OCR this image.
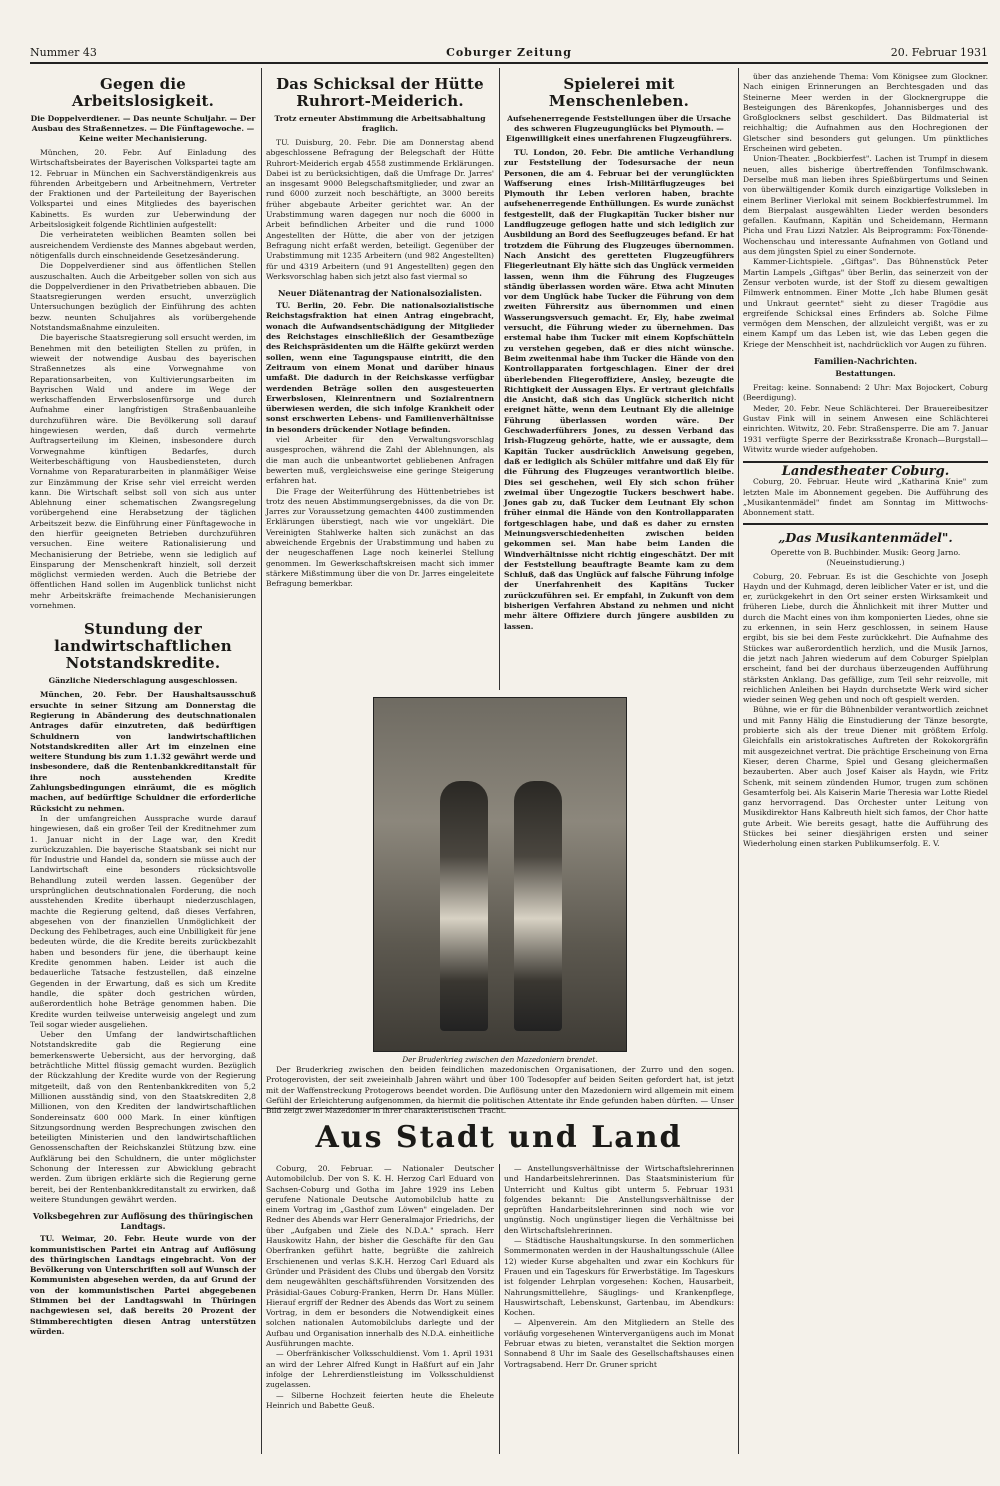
Nummer 43	Coburger Zeitung	20. Februar 1931
Gegen die Arbeitslosigkeit.
Die Doppelverdiener. — Das neunte Schuljahr. — Der Ausbau des Straßennetzes. — Die Fünftagewoche. — Keine weiter Mechanisierung.

München, 20. Febr. Auf Einladung des Wirtschaftsbeirates der Bayerischen Volkspartei tagte am 12. Februar in München ein Sachverständigenkreis aus führenden Arbeitgebern und Arbeitnehmern, Vertreter der Fraktionen und der Parteileitung der Bayerischen Volkspartei und eines Mitgliedes des bayerischen Kabinetts. Es wurden zur Ueberwindung der Arbeitslosigkeit folgende Richtlinien aufgestellt:

Die verheirateten weiblichen Beamten sollen bei ausreichendem Verdienste des Mannes abgebaut werden, nötigenfalls durch einschneidende Gesetzesänderung.

Die Doppelverdiener sind aus öffentlichen Stellen auszuschalten. Auch die Arbeitgeber sollen von sich aus die Doppelverdiener in den Privatbetrieben abbauen. Die Staatsregierungen werden ersucht, unverzüglich Untersuchungen bezüglich der Einführung des achten bezw. neunten Schuljahres als vorübergehende Notstandsmaßnahme einzuleiten.

Die bayerische Staatsregierung soll ersucht werden, im Benehmen mit den beteiligten Stellen zu prüfen, in wieweit der notwendige Ausbau des bayerischen Straßennetzes als eine Vorwegnahme von Reparationsarbeiten, von Kultivierungsarbeiten im Bayrischen Wald und andere im Wege der werkschaffenden Erwerbslosenfürsorge und durch Aufnahme einer langfristigen Straßenbauanleihe durchzuführen wäre. Die Bevölkerung soll darauf hingewiesen werden, daß durch vermehrte Auftragserteilung im Kleinen, insbesondere durch Vorwegnahme künftigen Bedarfes, durch Weiterbeschäftigung von Hausbediensteten, durch Vornahme von Reparaturarbeiten in planmäßiger Weise zur Einzämmung der Krise sehr viel erreicht werden kann. Die Wirtschaft selbst soll von sich aus unter Ablehnung einer schematischen Zwangsregelung vorübergehend eine Herabsetzung der täglichen Arbeitszeit bezw. die Einführung einer Fünftagewoche in den hierfür geeigneten Betrieben durchzuführen versuchen. Eine weitere Rationalisierung und Mechanisierung der Betriebe, wenn sie lediglich auf Einsparung der Menschenkraft hinzielt, soll derzeit möglichst vermieden werden. Auch die Betriebe der öffentlichen Hand sollen im Augenblick tunlichst nicht mehr Arbeitskräfte freimachende Mechanisierungen vornehmen.

Stundung der landwirtschaftlichen Notstandskredite.
Gänzliche Niederschlagung ausgeschlossen.

München, 20. Febr. Der Haushaltsausschuß ersuchte in seiner Sitzung am Donnerstag die Regierung in Abänderung des deutschnationalen Antrages dafür einzutreten, daß bedürftigen Schuldnern von landwirtschaftlichen Notstandskrediten aller Art im einzelnen eine weitere Stundung bis zum 1.1.32 gewährt werde und insbesondere, daß die Rentenbankkreditanstalt für ihre noch ausstehenden Kredite Zahlungsbedingungen einräumt, die es möglich machen, auf bedürftige Schuldner die erforderliche Rücksicht zu nehmen.

In der umfangreichen Aussprache wurde darauf hingewiesen, daß ein großer Teil der Kreditnehmer zum 1. Januar nicht in der Lage war, den Kredit zurückzuzahlen. Die bayerische Staatsbank sei nicht nur für Industrie und Handel da, sondern sie müsse auch der Landwirtschaft eine besonders rücksichtsvolle Behandlung zuteil werden lassen. Gegenüber der ursprünglichen deutschnationalen Forderung, die noch ausstehenden Kredite überhaupt niederzuschlagen, machte die Regierung geltend, daß dieses Verfahren, abgesehen von der finanziellen Unmöglichkeit der Deckung des Fehlbetrages, auch eine Unbilligkeit für jene bedeuten würde, die die Kredite bereits zurückbezahlt haben und besonders für jene, die überhaupt keine Kredite genommen haben. Leider ist auch die bedauerliche Tatsache festzustellen, daß einzelne Gegenden in der Erwartung, daß es sich um Kredite handle, die später doch gestrichen würden, außerordentlich hohe Beträge genommen haben. Die Kredite wurden teilweise unterweisig angelegt und zum Teil sogar wieder ausgeliehen.

Ueber den Umfang der landwirtschaftlichen Notstandskredite gab die Regierung eine bemerkenswerte Uebersicht, aus der hervorging, daß beträchtliche Mittel flüssig gemacht wurden. Bezüglich der Rückzahlung der Kredite wurde von der Regierung mitgeteilt, daß von den Rentenbankkrediten von 5,2 Millionen ausständig sind, von den Staatskrediten 2,8 Millionen, von den Krediten der landwirtschaftlichen Sondereinsatz 600 000 Mark. In einer künftigen Sitzungsordnung werden Besprechungen zwischen den beteiligten Ministerien und den landwirtschaftlichen Genossenschaften der Reichskanzlei Stützung bzw. eine Aufklärung bei den Schuldnern, die unter möglichster Schonung der Interessen zur Abwicklung gebracht werden. Zum übrigen erklärte sich die Regierung gerne bereit, bei der Rentenbankkreditanstalt zu erwirken, daß weitere Stundungen gewährt werden.

Volksbegehren zur Auflösung des thüringischen Landtags.

TU. Weimar, 20. Febr. Heute wurde von der kommunistischen Partei ein Antrag auf Auflösung des thüringischen Landtags eingebracht. Von der Bevölkerung von Unterschriften soll auf Wunsch der Kommunisten abgesehen werden, da auf Grund der von der kommunistischen Partei abgegebenen Stimmen bei der Landtagswahl in Thüringen nachgewiesen sei, daß bereits 20 Prozent der Stimmberechtigten diesen Antrag unterstützen würden.

Das Schicksal der Hütte Ruhrort-Meiderich.
Trotz erneuter Abstimmung die Arbeitsabhaltung fraglich.

TU. Duisburg, 20. Febr. Die am Donnerstag abend abgeschlossene Befragung der Belegschaft der Hütte Ruhrort-Meiderich ergab 4558 zustimmende Erklärungen. Dabei ist zu berücksichtigen, daß die Umfrage Dr. Jarres' an insgesamt 9000 Belegschaftsmitglieder, und zwar an rund 6000 zurzeit noch beschäftigte, an 3000 bereits früher abgebaute Arbeiter gerichtet war. An der Urabstimmung waren dagegen nur noch die 6000 in Arbeit befindlichen Arbeiter und die rund 1000 Angestellten der Hütte, die aber von der jetzigen Befragung nicht erfaßt werden, beteiligt. Gegenüber der Urabstimmung mit 1235 Arbeitern (und 982 Angestellten) für und 4319 Arbeitern (und 91 Angestellten) gegen den Werksvorschlag haben sich jetzt also fast viermal so

Neuer Diätenantrag der Nationalsozialisten.

TU. Berlin, 20. Febr. Die nationalsozialistische Reichstagsfraktion hat einen Antrag eingebracht, wonach die Aufwandsentschädigung der Mitglieder des Reichstages einschließlich der Gesamtbezüge des Reichspräsidenten um die Hälfte gekürzt werden sollen, wenn eine Tagungspause eintritt, die den Zeitraum von einem Monat und darüber hinaus umfaßt. Die dadurch in der Reichskasse verfügbar werdenden Beträge sollen den ausgesteuerten Erwerbslosen, Kleinrentnern und Sozialrentnern überwiesen werden, die sich infolge Krankheit oder sonst erschwerten Lebens- und Familienverhältnisse in besonders drückender Notlage befinden.

viel Arbeiter für den Verwaltungsvorschlag ausgesprochen, während die Zahl der Ablehnungen, als die man auch die unbeantwortet gebliebenen Anfragen bewerten muß, vergleichsweise eine geringe Steigerung erfahren hat.

Die Frage der Weiterführung des Hüttenbetriebes ist trotz des neuen Abstimmungsergebnisses, da die von Dr. Jarres zur Voraussetzung gemachten 4400 zustimmenden Erklärungen überstiegt, nach wie vor ungeklärt. Die Vereinigten Stahlwerke halten sich zunächst an das abweichende Ergebnis der Urabstimmung und haben zu der neugeschaffenen Lage noch keinerlei Stellung genommen. Im Gewerkschaftskreisen macht sich immer stärkere Mißstimmung über die von Dr. Jarres eingeleitete Befragung bemerkbar.

Spielerei mit Menschenleben.
Aufsehenerregende Feststellungen über die Ursache des schweren Flugzeugunglücks bei Plymouth. — Eigenwilligkeit eines unerfahrenen Flugzeugführers.

TU. London, 20. Febr. Die amtliche Verhandlung zur Feststellung der Todesursache der neun Personen, die am 4. Februar bei der verunglückten Waffserung eines Irish-Militärflugzeuges bei Plymouth ihr Leben verloren haben, brachte aufsehenerregende Enthüllungen. Es wurde zunächst festgestellt, daß der Flugkapitän Tucker bisher nur Landflugzeuge geflogen hatte und sich lediglich zur Ausbildung an Bord des Seeflugzeuges befand. Er hat trotzdem die Führung des Flugzeuges übernommen. Nach Ansicht des geretteten Flugzeugführers Fliegerleutnant Ely hätte sich das Unglück vermeiden lassen, wenn ihm die Führung des Flugzeuges ständig überlassen worden wäre. Etwa acht Minuten vor dem Unglück habe Tucker die Führung von dem zweiten Führersitz aus übernommen und einen Wasserungsversuch gemacht. Er, Ely, habe zweimal versucht, die Führung wieder zu übernehmen. Das erstemal habe ihm Tucker mit einem Kopfschütteln zu verstehen gegeben, daß er dies nicht wünsche. Beim zweitenmal habe ihm Tucker die Hände von den Kontrollapparaten fortgeschlagen. Einer der drei überlebenden Fliegeroffiziere, Ansley, bezeugte die Richtigkeit der Aussagen Elys. Er vertraut gleichfalls die Ansicht, daß sich das Unglück sicherlich nicht ereignet hätte, wenn dem Leutnant Ely die alleinige Führung überlassen worden wäre. Der Geschwaderführers Jones, zu dessen Verband das Irish-Flugzeug gehörte, hatte, wie er aussagte, dem Kapitän Tucker ausdrücklich Anweisung gegeben, daß er lediglich als Schüler mitfahre und daß Ely für die Führung des Flugzeuges verantwortlich bleibe. Dies sei geschehen, weil Ely sich schon früher zweimal über Ungezogtie Tuckers beschwert habe. Jones gab zu, daß Tucker dem Leutnant Ely schon früher einmal die Hände von den Kontrollapparaten fortgeschlagen habe, und daß es daher zu ernsten Meinungsverschiedenheiten zwischen beiden gekommen sei. Man habe beim Landen die Windverhältnisse nicht richtig eingeschätzt. Der mit der Feststellung beauftragte Beamte kam zu dem Schluß, daß das Unglück auf falsche Führung infolge der Unerfahrenheit des Kapitäns Tucker zurückzuführen sei. Er empfahl, in Zukunft von dem bisherigen Verfahren Abstand zu nehmen und nicht mehr ältere Offiziere durch jüngere ausbilden zu lassen.

Der Bruderkrieg zwischen den Mazedoniern brendet.

Der Bruderkrieg zwischen den beiden feindlichen mazedonischen Organisationen, der Zurro und den sogen. Protogerovisten, der seit zweieinhalb Jahren währt und über 100 Todesopfer auf beiden Seiten gefordert hat, ist jetzt mit der Waffenstreckung Protogerows beendet worden. Die Auflösung unter den Mazedoniern wird allgemein mit einem Gefühl der Erleichterung aufgenommen, da hiermit die politischen Attentate ihr Ende gefunden haben dürften. — Unser Bild zeigt zwei Mazedonier in ihrer charakteristischen Tracht.

Aus Stadt und Land

Coburg, 20. Februar. — Nationaler Deutscher Automobilclub. Der von S. K. H. Herzog Carl Eduard von Sachsen-Coburg und Gotha im Jahre 1929 ins Leben gerufene Nationale Deutsche Automobilclub hatte zu einem Vortrag im „Gasthof zum Löwen" eingeladen. Der Redner des Abends war Herr Generalmajor Friedrichs, der über „Aufgaben und Ziele des N.D.A." sprach. Herr Hauskowitz Hahn, der bisher die Geschäfte für den Gau Oberfranken geführt hatte, begrüßte die zahlreich Erschienenen und verlas S.K.H. Herzog Carl Eduard als Gründer und Präsident des Clubs und übergab den Vorsitz dem neugewählten geschäftsführenden Vorsitzenden des Präsidial-Gaues Coburg-Franken, Herrn Dr. Hans Müller. Hierauf ergriff der Redner des Abends das Wort zu seinem Vortrag, in dem er besonders die Notwendigkeit eines solchen nationalen Automobilclubs darlegte und der Aufbau und Organisation innerhalb des N.D.A. einheitliche Ausführungen machte.

— Oberfränkischer Volksschuldienst. Vom 1. April 1931 an wird der Lehrer Alfred Kungt in Haßfurt auf ein Jahr infolge der Lehrerdienstleistung im Volksschuldienst zugelassen.

— Silberne Hochzeit feierten heute die Eheleute Heinrich und Babette Geuß.

— Anstellungsverhältnisse der Wirtschaftslehrerinnen und Handarbeitslehrerinnen. Das Staatsministerium für Unterricht und Kultus gibt unterm 5. Februar 1931 folgendes bekannt: Die Anstellungsverhältnisse der geprüften Handarbeitslehrerinnen sind noch wie vor ungünstig. Noch ungünstiger liegen die Verhältnisse bei den Wirtschaftslehrerinnen.

— Städtische Haushaltungskurse. In den sommerlichen Sommermonaten werden in der Haushaltungsschule (Allee 12) wieder Kurse abgehalten und zwar ein Kochkurs für Frauen und ein Tageskurs für Erwerbstätige. Im Tageskurs ist folgender Lehrplan vorgesehen: Kochen, Hausarbeit, Nahrungsmittellehre, Säuglings- und Krankenpflege, Hauswirtschaft, Lebenskunst, Gartenbau, im Abendkurs: Kochen.

— Alpenverein. Am den Mitgliedern an Stelle des vorläufig vorgesehenen Winterverganügens auch im Monat Februar etwas zu bieten, veranstaltet die Sektion morgen Sonnabend 8 Uhr im Saale des Gesellschaftshauses einen Vortragsabend. Herr Dr. Gruner spricht

über das anziehende Thema: Vom Königsee zum Glockner. Nach einigen Erinnerungen an Berchtesgaden und das Steinerne Meer werden in der Glocknergruppe die Besteigungen des Bärenkopfes, Johannisberges und des Großglockners selbst geschildert. Das Bildmaterial ist reichhaltig; die Aufnahmen aus den Hochregionen der Gletscher sind besonders gut gelungen. Um pünktliches Erscheinen wird gebeten.

Union-Theater. „Bockbierfest". Lachen ist Trumpf in diesem neuen, alles bisherige übertreffenden Tonfilmschwank. Derselbe muß man lieben ihres Spießbürgertums und Seinen von überwältigender Komik durch einzigartige Volksleben in einem Berliner Vierlokal mit seinem Bockbierfestrummel. Im dem Bierpalast ausgewählten Lieder werden besonders gefallen. Kaufmann, Kapitän und Scheidemann, Hermann Picha und Frau Lizzi Natzler. Als Beiprogramm: Fox-Tönende-Wochenschau und interessante Aufnahmen von Gotland und aus dem jüngsten Spiel zu einer Sondernote.

Kammer-Lichtspiele. „Giftgas". Das Bühnenstück Peter Martin Lampels „Giftgas" über Berlin, das seinerzeit von der Zensur verboten wurde, ist der Stoff zu diesem gewaltigen Filmwerk entnommen. Einer Motte „Ich habe Blumen gesät und Unkraut geerntet" sieht zu dieser Tragödie aus ergreifende Schicksal eines Erfinders ab. Solche Filme vermögen dem Menschen, der allzuleicht vergißt, was er zu einem Kampf um das Leben ist, wie das Leben gegen die Kriege der Menschheit ist, nachdrücklich vor Augen zu führen.

Familien-Nachrichten.
Bestattungen.

Freitag: keine. Sonnabend: 2 Uhr: Max Bojockert, Coburg (Beerdigung).

Meder, 20. Febr. Neue Schlächterei. Der Brauereibesitzer Gustav Fink will in seinem Anwesen eine Schlächterei einrichten. Witwitz, 20. Febr. Straßensperre. Die am 7. Januar 1931 verfügte Sperre der Bezirksstraße Kronach—Burgstall—Witwitz wurde wieder aufgehoben.

Landestheater Coburg.

Coburg, 20. Februar. Heute wird „Katharina Knie" zum letzten Male im Abonnement gegeben. Die Aufführung des „Musikantenmädel" findet am Sonntag im Mittwochs-Abonnement statt.

„Das Musikantenmädel".
Operette von B. Buchbinder. Musik: Georg Jarno. (Neueinstudierung.)

Coburg, 20. Februar. Es ist die Geschichte von Joseph Haydn und der Kuhmagd, deren leiblicher Vater er ist, und die er, zurückgekehrt in den Ort seiner ersten Wirksamkeit und früheren Liebe, durch die Ähnlichkeit mit ihrer Mutter und durch die Macht eines von ihm komponierten Liedes, ohne sie zu erkennen, in sein Herz geschlossen, in seinem Hause ergibt, bis sie bei dem Feste zurückkehrt. Die Aufnahme des Stückes war außerordentlich herzlich, und die Musik Jarnos, die jetzt nach Jahren wiederum auf dem Coburger Spielplan erscheint, fand bei der durchaus überzeugenden Aufführung stärksten Anklang. Das gefällige, zum Teil sehr reizvolle, mit reichlichen Anleihen bei Haydn durchsetzte Werk wird sicher wieder seinen Weg gehen und noch oft gespielt werden.

Bühne, wie er für die Bühnenbilder verantwortlich zeichnet und mit Fanny Hälig die Einstudierung der Tänze besorgte, probierte sich als der treue Diener mit größtem Erfolg. Gleichfalls ein aristokratisches Auftreten der Rokokorgräfin mit ausgezeichnet vertrat. Die prächtige Erscheinung von Erna Kieser, deren Charme, Spiel und Gesang gleichermaßen bezauberten. Aber auch Josef Kaiser als Haydn, wie Fritz Schenk, mit seinem zündenden Humor, trugen zum schönen Gesamterfolg bei. Als Kaiserin Marie Theresia war Lotte Riedel ganz hervorragend. Das Orchester unter Leitung von Musikdirektor Hans Kalbreuth hielt sich famos, der Chor hatte gute Arbeit. Wie bereits gesagt, hatte die Aufführung des Stückes bei seiner diesjährigen ersten und seiner Wiederholung einen starken Publikumserfolg. E. V.
